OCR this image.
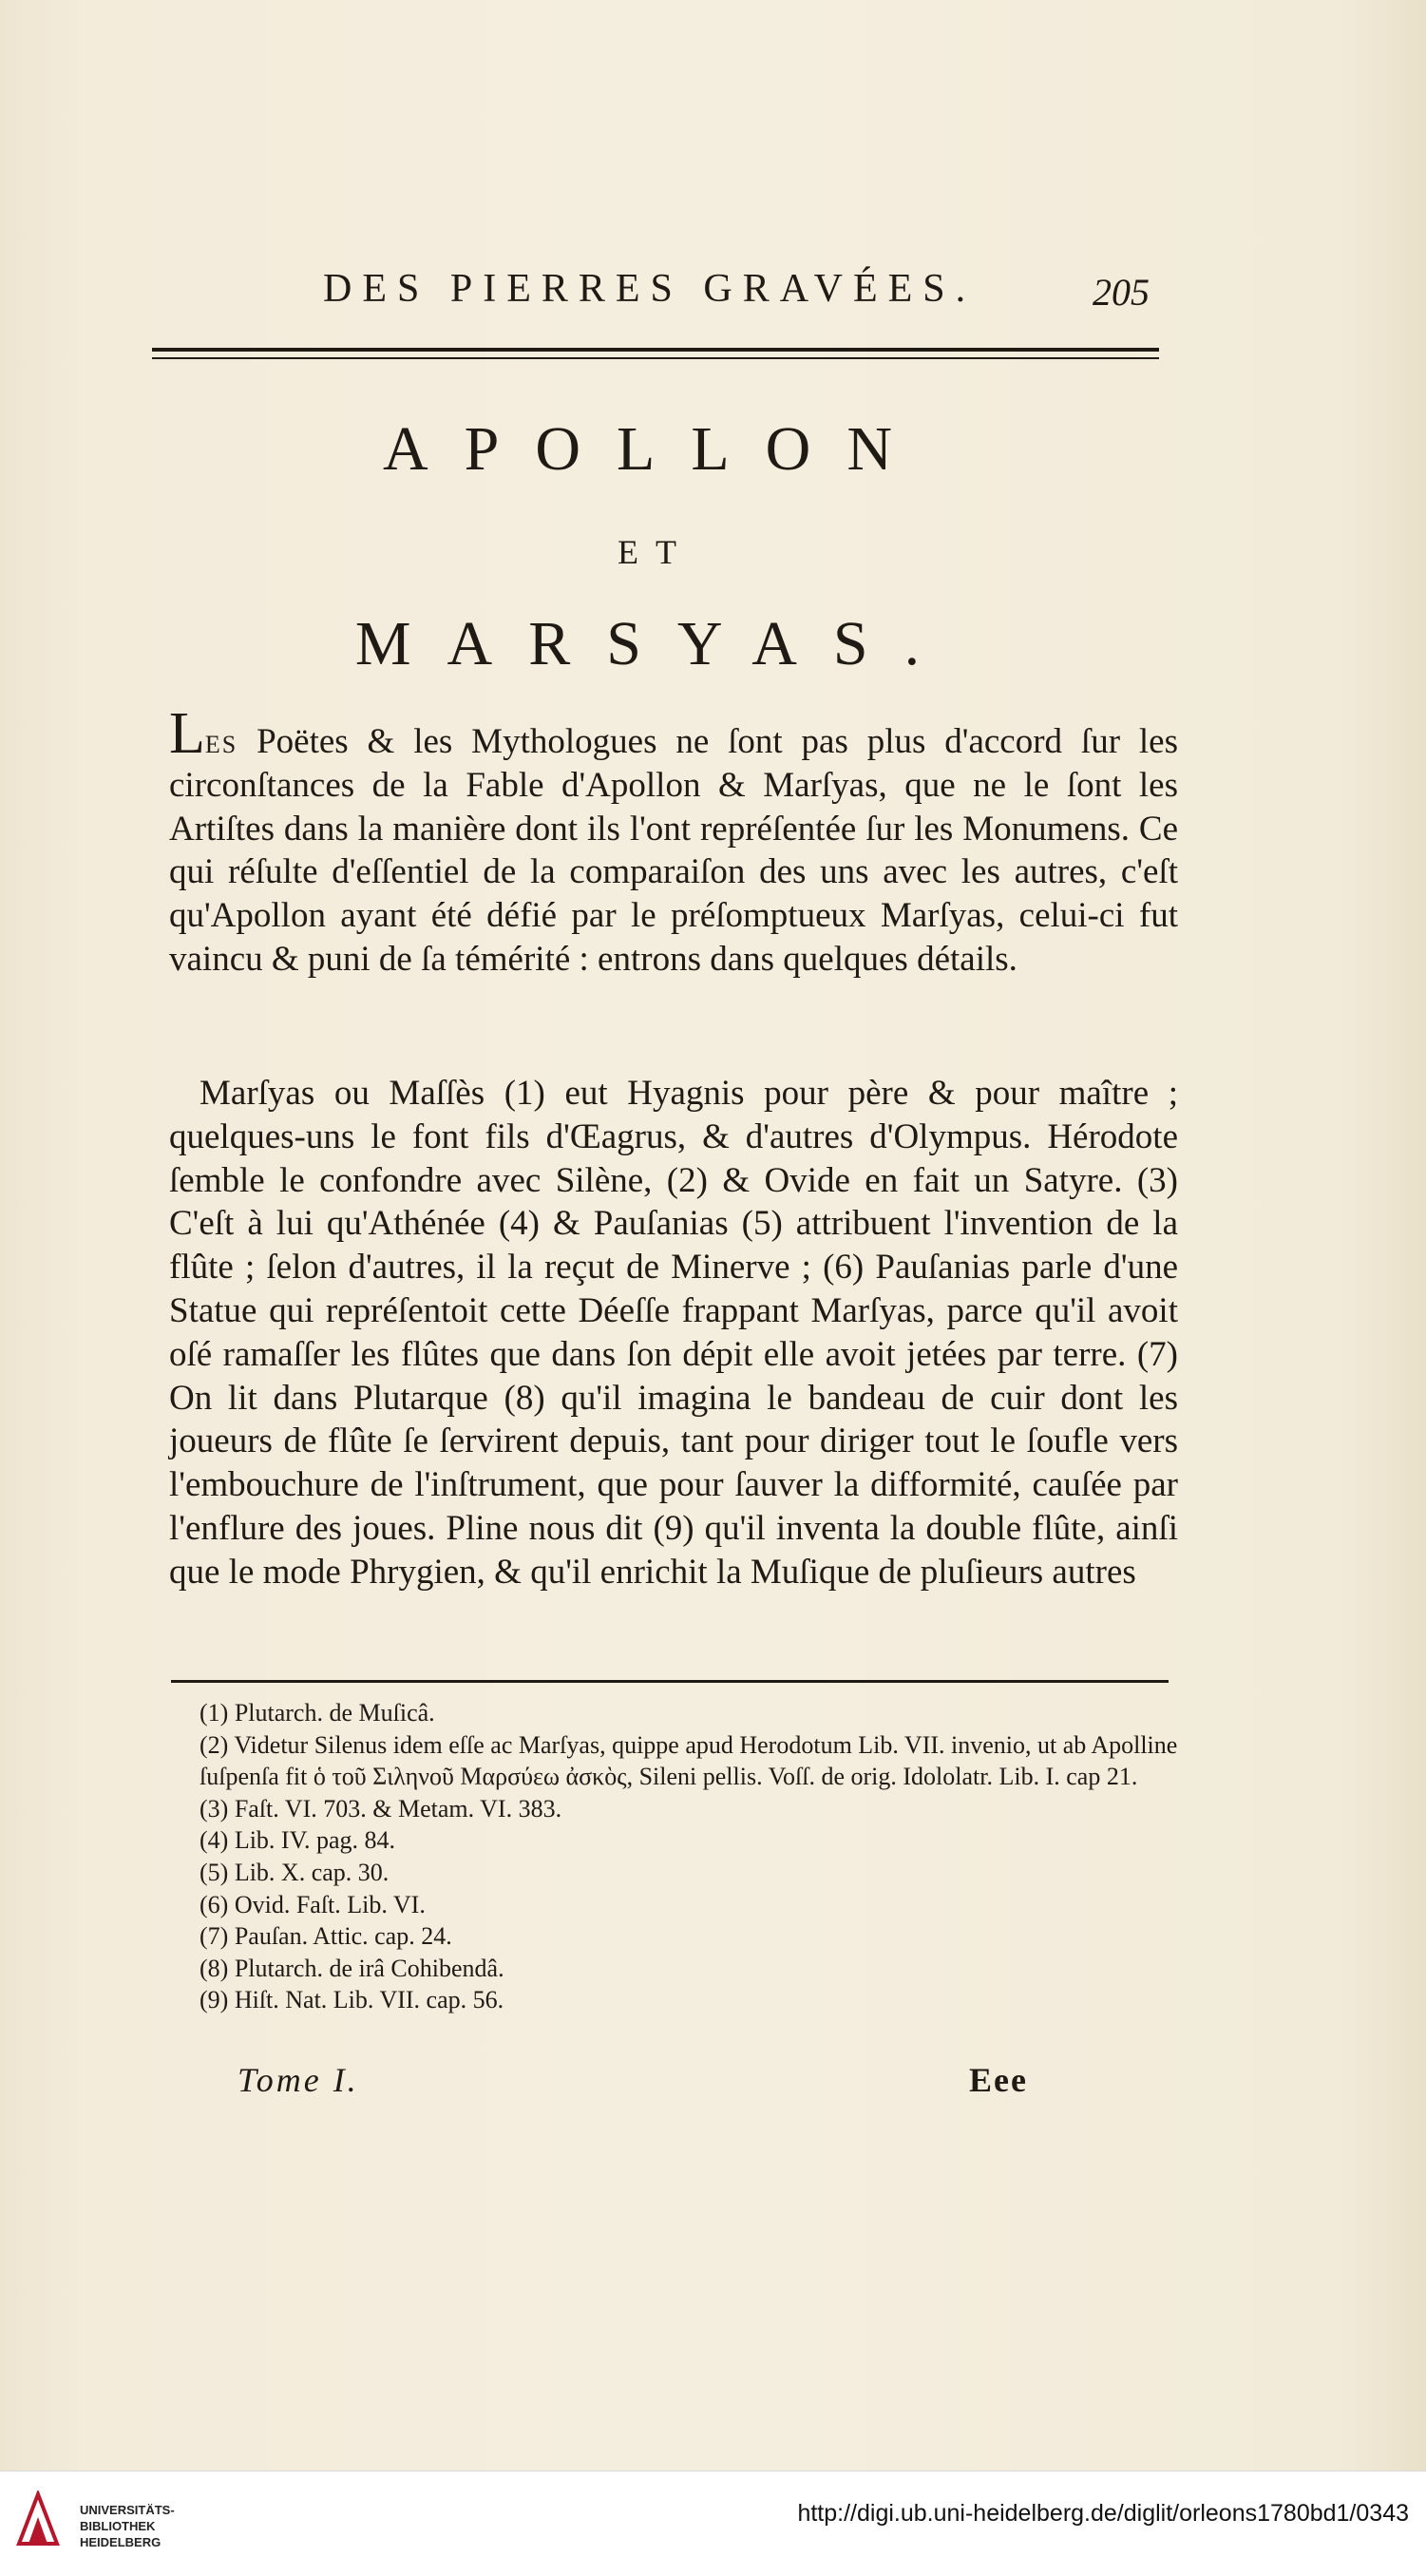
DES PIERRES GRAVÉES.	205
APOLLON
ET
MARSYAS.
Les Poëtes & les Mythologues ne ſont pas plus d'accord ſur les circonſtances de la Fable d'Apollon & Marſyas, que ne le ſont les Artiſtes dans la manière dont ils l'ont repréſentée ſur les Monumens. Ce qui réſulte d'eſſentiel de la comparaiſon des uns avec les autres, c'eſt qu'Apollon ayant été défié par le préſomptueux Marſyas, celui-ci fut vaincu & puni de ſa témérité : entrons dans quelques détails.
Marſyas ou Maſſès (1) eut Hyagnis pour père & pour maître ; quelques-uns le font fils d'Œagrus, & d'autres d'Olympus. Hérodote ſemble le confondre avec Silène, (2) & Ovide en fait un Satyre. (3) C'eſt à lui qu'Athénée (4) & Pauſanias (5) attribuent l'invention de la flûte ; ſelon d'autres, il la reçut de Minerve ; (6) Pauſanias parle d'une Statue qui repréſentoit cette Déeſſe frappant Marſyas, parce qu'il avoit oſé ramaſſer les flûtes que dans ſon dépit elle avoit jetées par terre. (7) On lit dans Plutarque (8) qu'il imagina le bandeau de cuir dont les joueurs de flûte ſe ſervirent depuis, tant pour diriger tout le ſoufle vers l'embouchure de l'inſtrument, que pour ſauver la difformité, cauſée par l'enflure des joues. Pline nous dit (9) qu'il inventa la double flûte, ainſi que le mode Phrygien, & qu'il enrichit la Muſique de pluſieurs autres
(1) Plutarch. de Muſicâ.
(2) Videtur Silenus idem eſſe ac Marſyas, quippe apud Herodotum Lib. VII. invenio, ut ab Apolline ſuſpenſa fit ὁ τοῦ Σιληνοῦ Μαρσύεω ἀσκὸς, Sileni pellis. Voſſ. de orig. Idololatr. Lib. I. cap 21.
(3) Faſt. VI. 703. & Metam. VI. 383.
(4) Lib. IV. pag. 84.
(5) Lib. X. cap. 30.
(6) Ovid. Faſt. Lib. VI.
(7) Pauſan. Attic. cap. 24.
(8) Plutarch. de irâ Cohibendâ.
(9) Hiſt. Nat. Lib. VII. cap. 56.
Tome I.	Eee
UNIVERSITÄTS-
BIBLIOTHEK
HEIDELBERG
http://digi.ub.uni-heidelberg.de/diglit/orleons1780bd1/0343
